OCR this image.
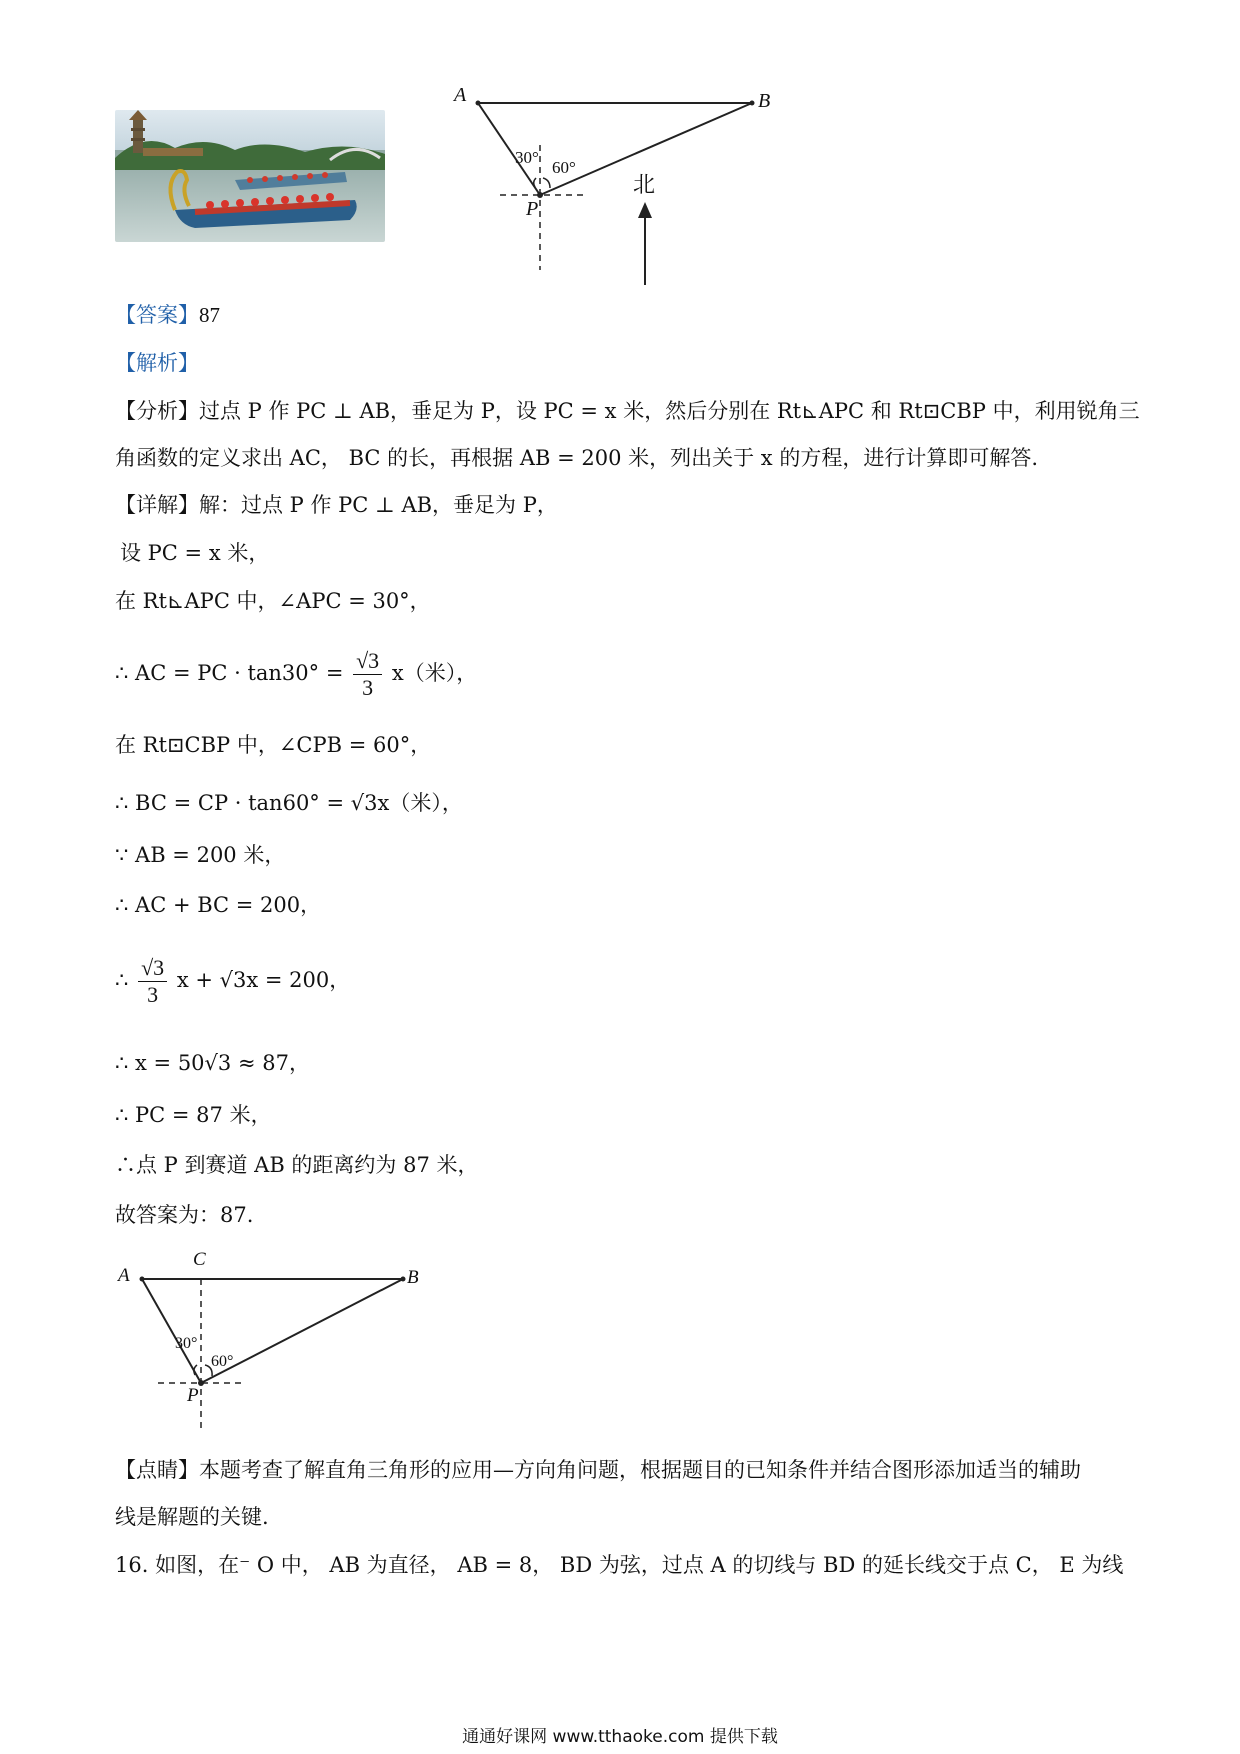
A	B
P
30°
60°
北
【答案】87
【解析】
【分析】过点 P 作 PC ⊥ AB，垂足为 P，设 PC = x 米，然后分别在 Rt⊾APC 和 Rt⊡CBP 中，利用锐角三
角函数的定义求出 AC， BC 的长，再根据 AB = 200 米，列出关于 x 的方程，进行计算即可解答.
【详解】解：过点 P 作 PC ⊥ AB，垂足为 P，
设 PC = x 米，
在 Rt⊾APC 中，∠APC = 30°，
∴ AC = PC · $\tan 30^\circ = \frac{√3}{3} x$（米），
在 Rt⊡CBP 中，∠CPB = 60°，
∴ BC = CP · tan60° = √3x（米），
∵ AB = 200 米，
∴ AC + BC = 200，
∴ $\frac{√3}{3}$ x + √3x = 200，
∴ x = 50√3 ≈ 87，
∴ PC = 87 米，
∴点 P 到赛道 AB 的距离约为 87 米，
故答案为：87.
A
C
B
P
30°
60°
【点睛】本题考查了解直角三角形的应用—方向角问题，根据题目的已知条件并结合图形添加适当的辅助
线是解题的关键.
16. 如图，在⁻ O 中， AB 为直径， AB = 8， BD 为弦，过点 A 的切线与 BD 的延长线交于点 C， E 为线
通通好课网 www.tthaoke.com 提供下载
